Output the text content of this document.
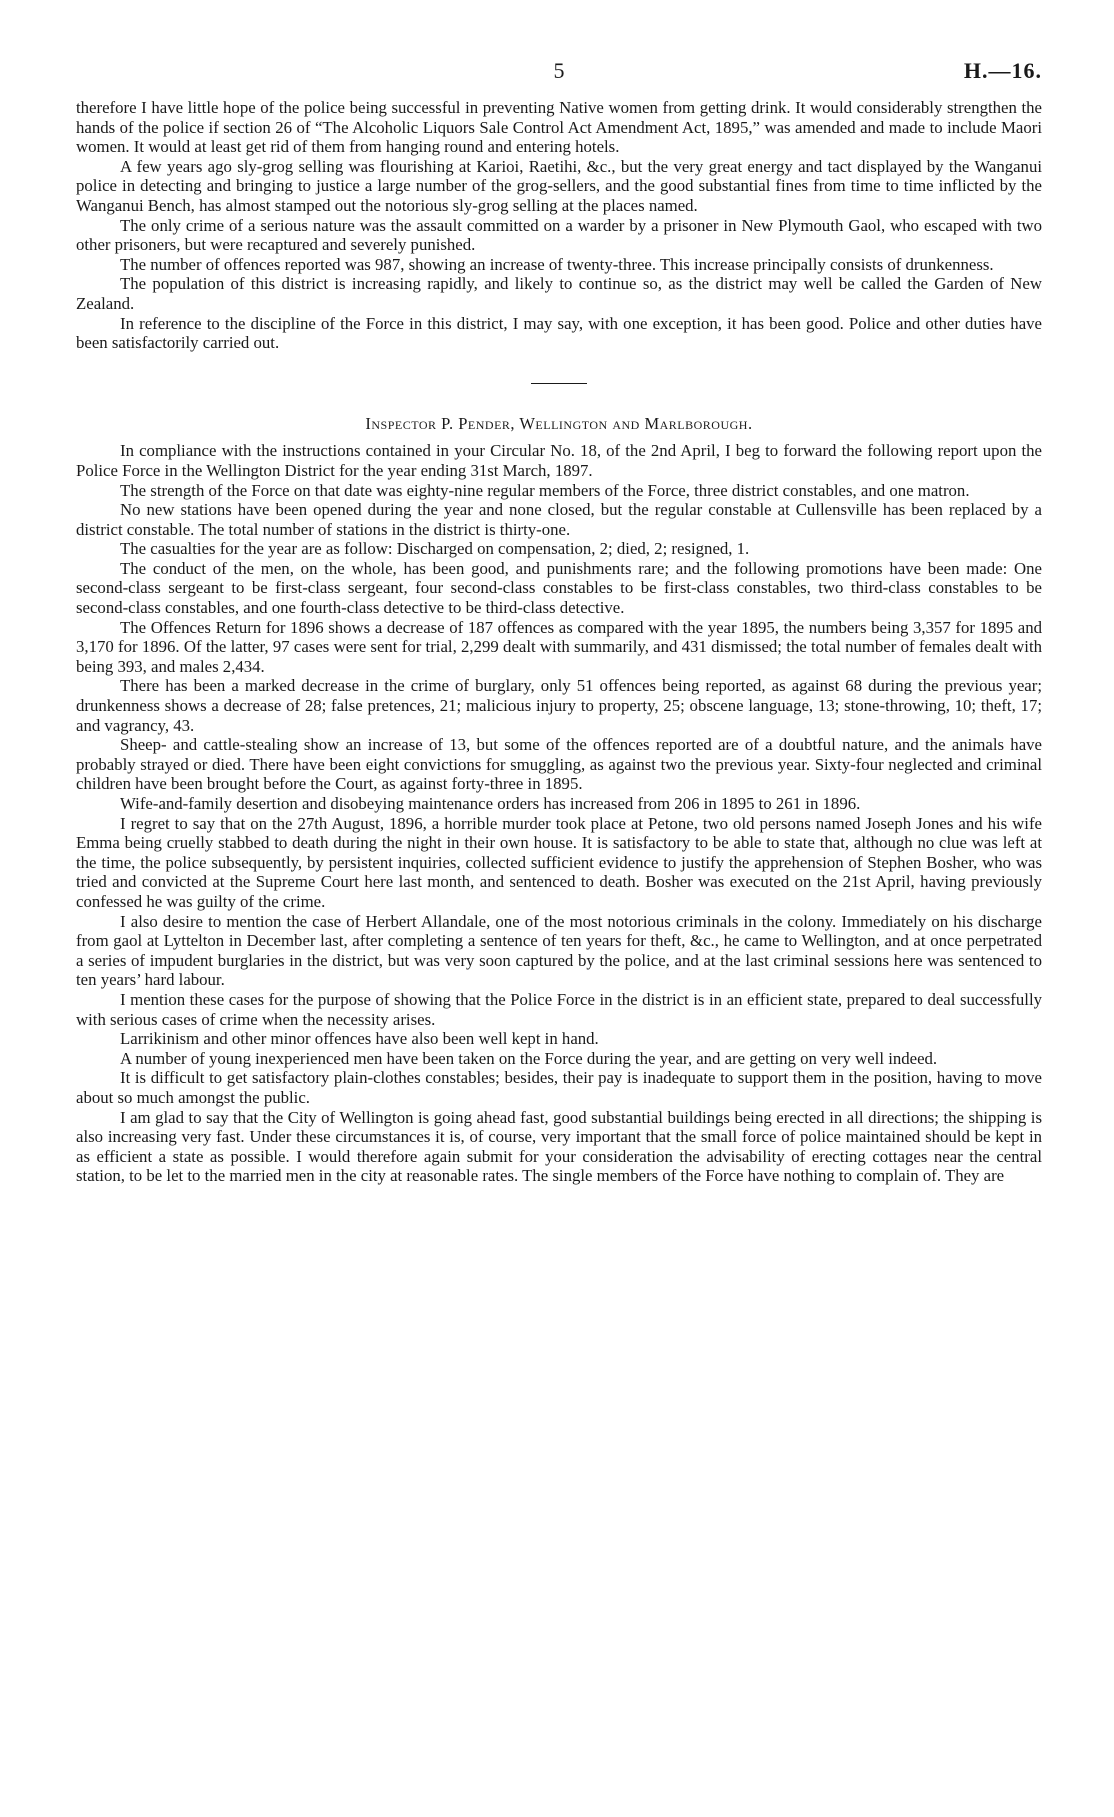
5	H.—16.

therefore I have little hope of the police being successful in preventing Native women from getting drink. It would considerably strengthen the hands of the police if section 26 of “The Alcoholic Liquors Sale Control Act Amendment Act, 1895,” was amended and made to include Maori women. It would at least get rid of them from hanging round and entering hotels.

A few years ago sly-grog selling was flourishing at Karioi, Raetihi, &c., but the very great energy and tact displayed by the Wanganui police in detecting and bringing to justice a large number of the grog-sellers, and the good substantial fines from time to time inflicted by the Wanganui Bench, has almost stamped out the notorious sly-grog selling at the places named.

The only crime of a serious nature was the assault committed on a warder by a prisoner in New Plymouth Gaol, who escaped with two other prisoners, but were recaptured and severely punished.

The number of offences reported was 987, showing an increase of twenty-three. This increase principally consists of drunkenness.

The population of this district is increasing rapidly, and likely to continue so, as the district may well be called the Garden of New Zealand.

In reference to the discipline of the Force in this district, I may say, with one exception, it has been good. Police and other duties have been satisfactorily carried out.

Inspector P. Pender, Wellington and Marlborough.

In compliance with the instructions contained in your Circular No. 18, of the 2nd April, I beg to forward the following report upon the Police Force in the Wellington District for the year ending 31st March, 1897.

The strength of the Force on that date was eighty-nine regular members of the Force, three district constables, and one matron.

No new stations have been opened during the year and none closed, but the regular constable at Cullensville has been replaced by a district constable. The total number of stations in the district is thirty-one.

The casualties for the year are as follow: Discharged on compensation, 2; died, 2; resigned, 1.

The conduct of the men, on the whole, has been good, and punishments rare; and the following promotions have been made: One second-class sergeant to be first-class sergeant, four second-class constables to be first-class constables, two third-class constables to be second-class constables, and one fourth-class detective to be third-class detective.

The Offences Return for 1896 shows a decrease of 187 offences as compared with the year 1895, the numbers being 3,357 for 1895 and 3,170 for 1896. Of the latter, 97 cases were sent for trial, 2,299 dealt with summarily, and 431 dismissed; the total number of females dealt with being 393, and males 2,434.

There has been a marked decrease in the crime of burglary, only 51 offences being reported, as against 68 during the previous year; drunkenness shows a decrease of 28; false pretences, 21; malicious injury to property, 25; obscene language, 13; stone-throwing, 10; theft, 17; and vagrancy, 43.

Sheep- and cattle-stealing show an increase of 13, but some of the offences reported are of a doubtful nature, and the animals have probably strayed or died. There have been eight convictions for smuggling, as against two the previous year. Sixty-four neglected and criminal children have been brought before the Court, as against forty-three in 1895.

Wife-and-family desertion and disobeying maintenance orders has increased from 206 in 1895 to 261 in 1896.

I regret to say that on the 27th August, 1896, a horrible murder took place at Petone, two old persons named Joseph Jones and his wife Emma being cruelly stabbed to death during the night in their own house. It is satisfactory to be able to state that, although no clue was left at the time, the police subsequently, by persistent inquiries, collected sufficient evidence to justify the apprehension of Stephen Bosher, who was tried and convicted at the Supreme Court here last month, and sentenced to death. Bosher was executed on the 21st April, having previously confessed he was guilty of the crime.

I also desire to mention the case of Herbert Allandale, one of the most notorious criminals in the colony. Immediately on his discharge from gaol at Lyttelton in December last, after completing a sentence of ten years for theft, &c., he came to Wellington, and at once perpetrated a series of impudent burglaries in the district, but was very soon captured by the police, and at the last criminal sessions here was sentenced to ten years’ hard labour.

I mention these cases for the purpose of showing that the Police Force in the district is in an efficient state, prepared to deal successfully with serious cases of crime when the necessity arises.

Larrikinism and other minor offences have also been well kept in hand.

A number of young inexperienced men have been taken on the Force during the year, and are getting on very well indeed.

It is difficult to get satisfactory plain-clothes constables; besides, their pay is inadequate to support them in the position, having to move about so much amongst the public.

I am glad to say that the City of Wellington is going ahead fast, good substantial buildings being erected in all directions; the shipping is also increasing very fast. Under these circumstances it is, of course, very important that the small force of police maintained should be kept in as efficient a state as possible. I would therefore again submit for your consideration the advisability of erecting cottages near the central station, to be let to the married men in the city at reasonable rates. The single members of the Force have nothing to complain of. They are
